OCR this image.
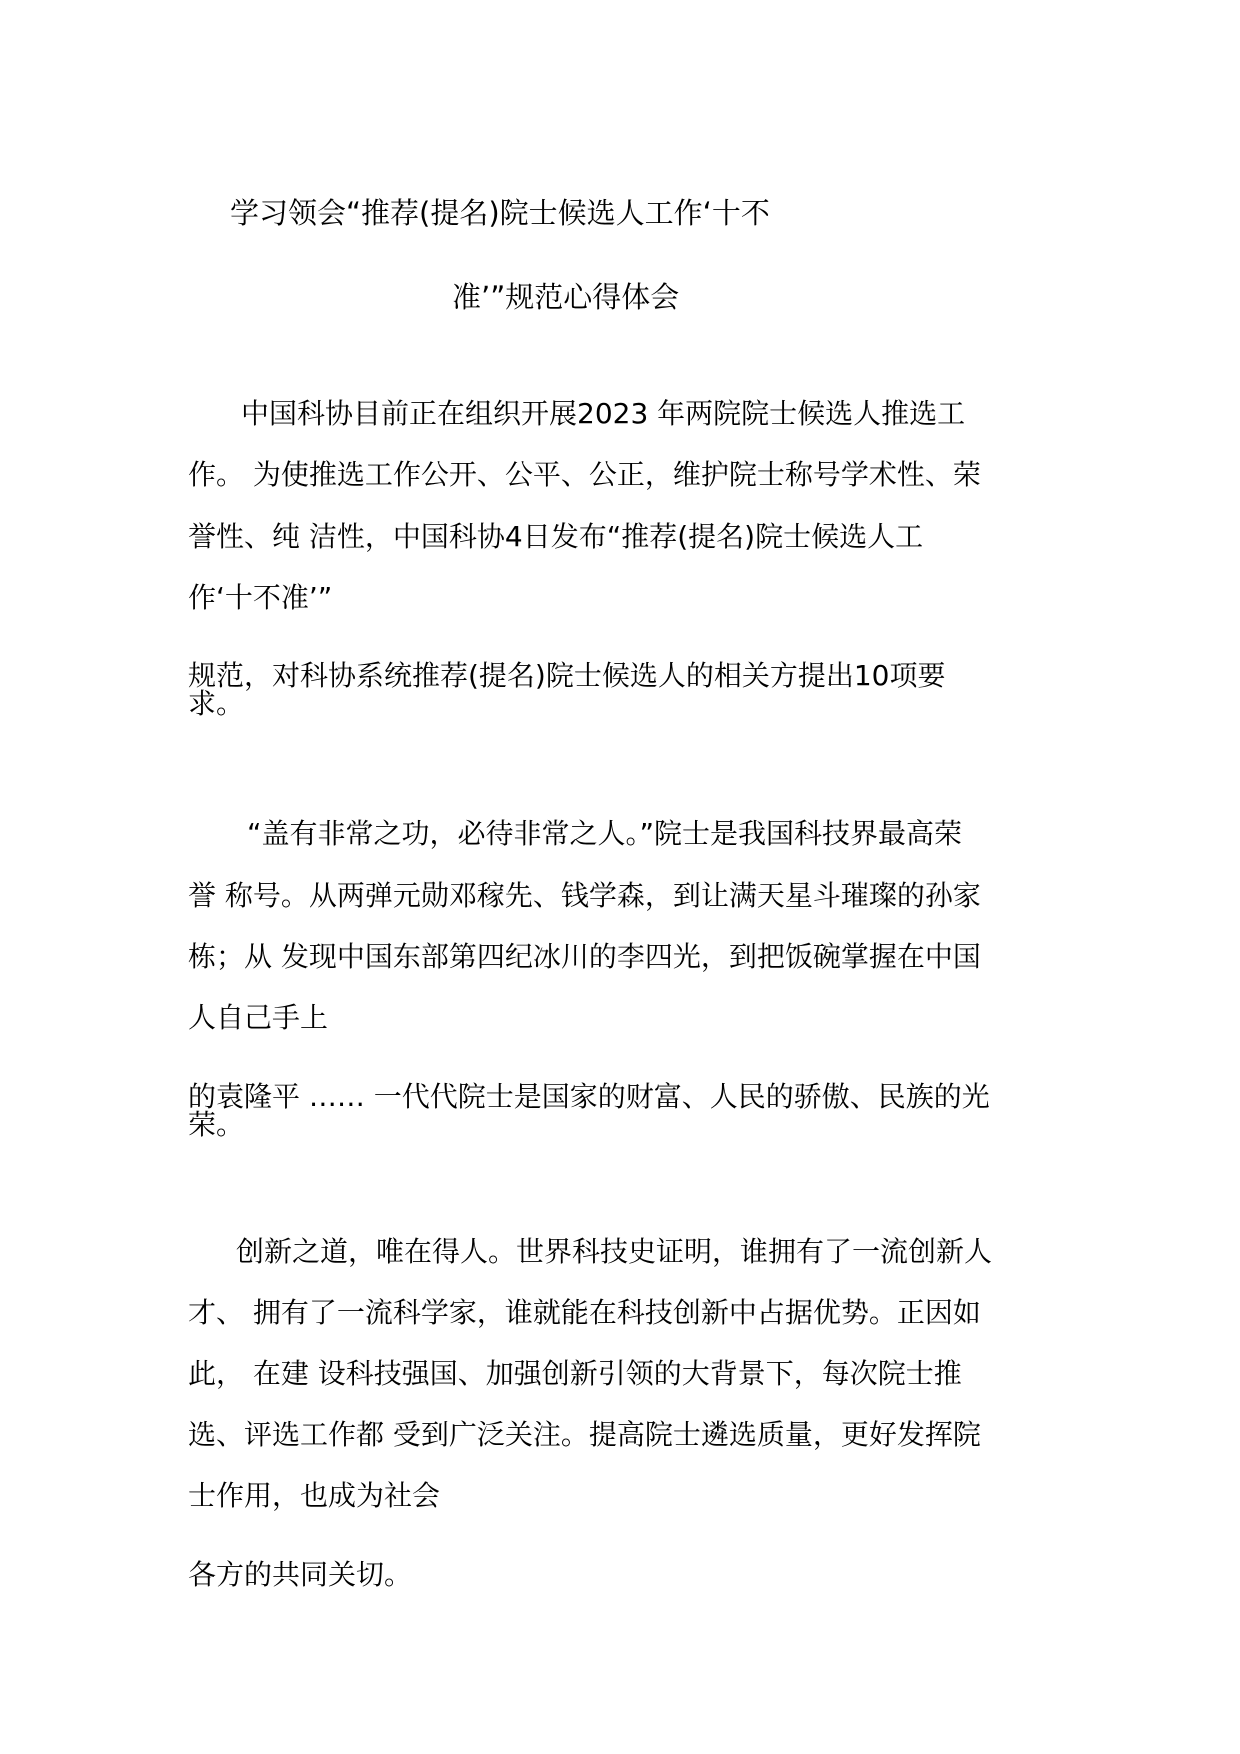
学习领会“推荐(提名)院士候选人工作‘十不
准’”规范心得体会
中国科协目前正在组织开展2023 年两院院士候选人推选工
作。 为使推选工作公开、公平、公正，维护院士称号学术性、荣
誉性、纯 洁性，中国科协4日发布“推荐(提名)院士候选人工
作‘十不准’”
规范，对科协系统推荐(提名)院士候选人的相关方提出10项要
求。
“盖有非常之功，必待非常之人。”院士是我国科技界最高荣
誉 称号。从两弹元勋邓稼先、钱学森，到让满天星斗璀璨的孙家
栋；从 发现中国东部第四纪冰川的李四光，到把饭碗掌握在中国
人自己手上
的袁隆平 …… 一代代院士是国家的财富、人民的骄傲、民族的光
荣。
创新之道，唯在得人。世界科技史证明，谁拥有了一流创新人
才、 拥有了一流科学家，谁就能在科技创新中占据优势。正因如
此， 在建 设科技强国、加强创新引领的大背景下，每次院士推
选、评选工作都 受到广泛关注。提高院士遴选质量，更好发挥院
士作用，也成为社会
各方的共同关切。
